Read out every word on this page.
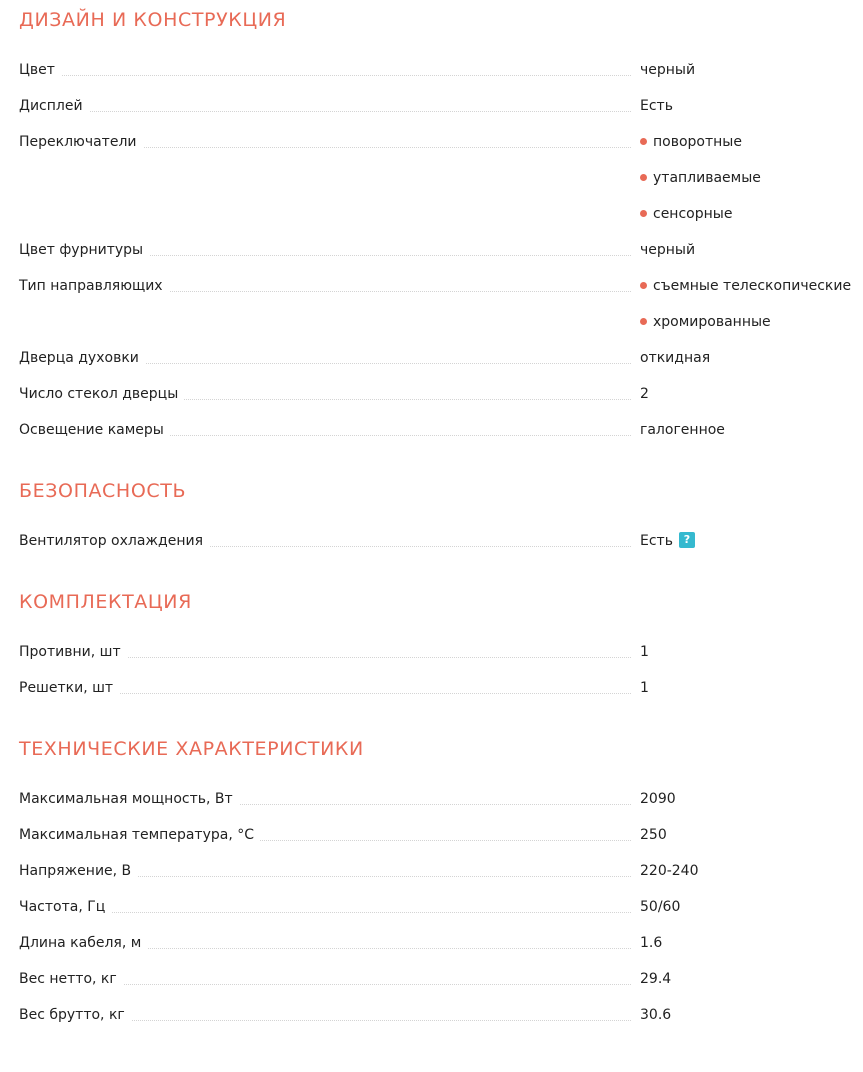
ДИЗАЙН И КОНСТРУКЦИЯ
Цвет	черный
Дисплей	Есть
Переключатели	поворотные
утапливаемые
сенсорные
Цвет фурнитуры	черный
Тип направляющих	съемные телескопические
хромированные
Дверца духовки	откидная
Число стекол дверцы	2
Освещение камеры	галогенное
БЕЗОПАСНОСТЬ
Вентилятор охлаждения	Есть ?
КОМПЛЕКТАЦИЯ
Противни, шт	1
Решетки, шт	1
ТЕХНИЧЕСКИЕ ХАРАКТЕРИСТИКИ
Максимальная мощность, Вт	2090
Максимальная температура, °С	250
Напряжение, В	220-240
Частота, Гц	50/60
Длина кабеля, м	1.6
Вес нетто, кг	29.4
Вес брутто, кг	30.6
